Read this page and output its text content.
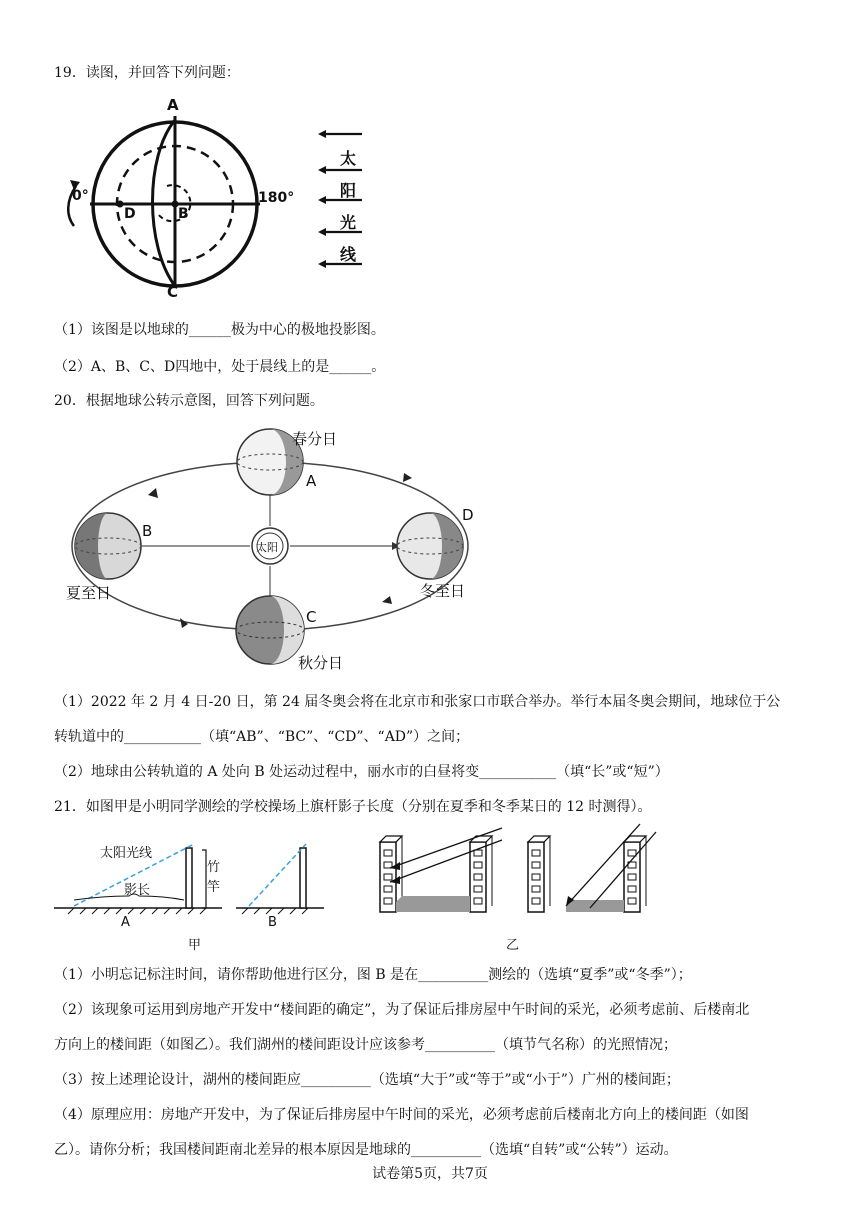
19．读图，并回答下列问题：
A
C
D	B
0°	180°
太
阳
光
线
（1）该图是以地球的______极为中心的极地投影图。
（2）A、B、C、D四地中，处于晨线上的是______。
20．根据地球公转示意图，回答下列问题。
春分日
A
B
夏至日
D
冬至日
C
秋分日
太阳
（1）2022 年 2 月 4 日-20 日，第 24 届冬奥会将在北京市和张家口市联合举办。举行本届冬奥会期间，地球位于公
转轨道中的___________（填“AB”、“BC”、“CD”、“AD”）之间；
（2）地球由公转轨道的 A 处向 B 处运动过程中，丽水市的白昼将变___________（填“长”或“短”）
21．如图甲是小明同学测绘的学校操场上旗杆影子长度（分别在夏季和冬季某日的 12 时测得）。
太阳光线
影长
竹
竿
A	B
甲	乙
（1）小明忘记标注时间，请你帮助他进行区分，图 B 是在__________测绘的（选填“夏季”或“冬季”）；
（2）该现象可运用到房地产开发中“楼间距的确定”，为了保证后排房屋中午时间的采光，必须考虑前、后楼南北
方向上的楼间距（如图乙）。我们湖州的楼间距设计应该参考__________（填节气名称）的光照情况；
（3）按上述理论设计，湖州的楼间距应__________（选填“大于”或“等于”或“小于”）广州的楼间距；
（4）原理应用：房地产开发中，为了保证后排房屋中午时间的采光，必须考虑前后楼南北方向上的楼间距（如图
乙）。请你分析；我国楼间距南北差异的根本原因是地球的__________（选填“自转”或“公转”）运动。
试卷第5页，共7页
